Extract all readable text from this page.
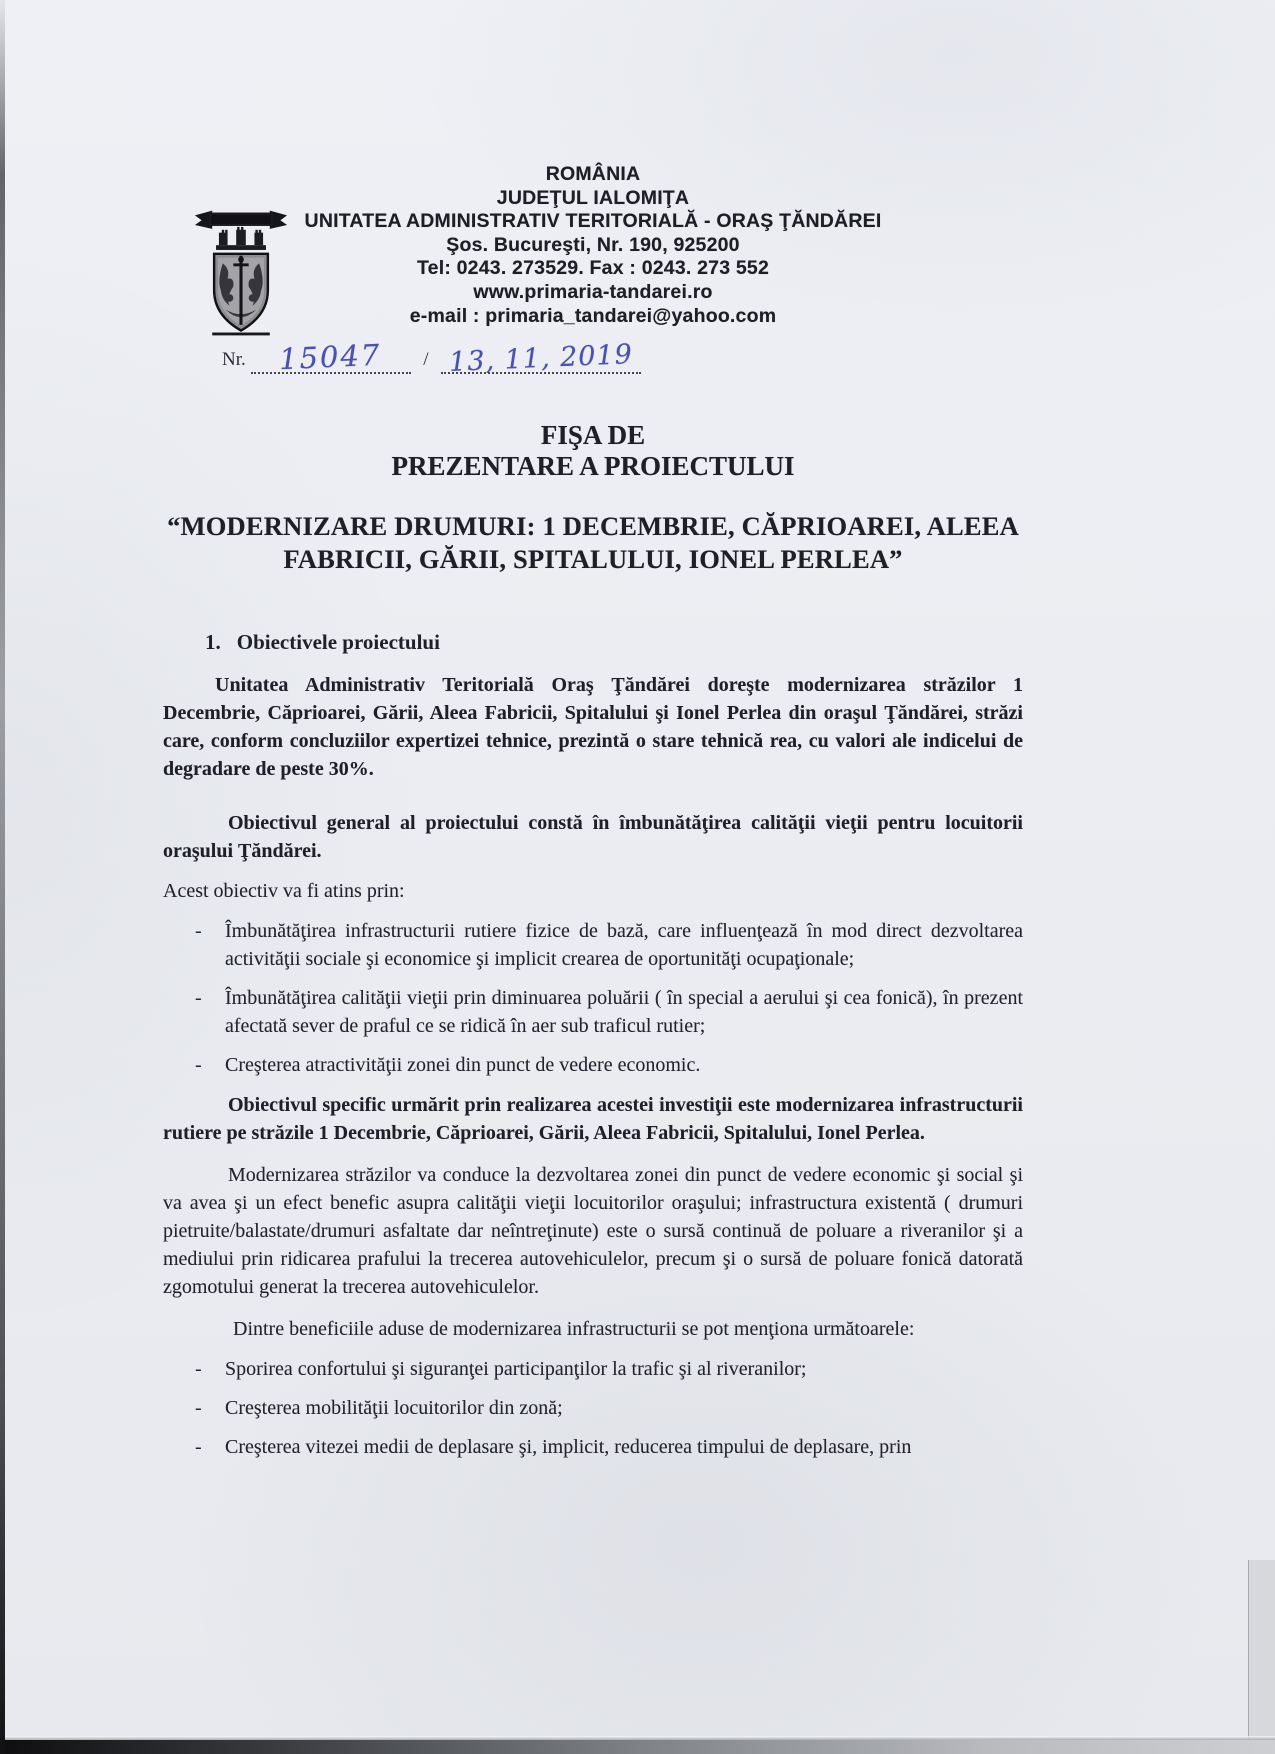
ROMÂNIA
JUDEŢUL IALOMIŢA
UNITATEA ADMINISTRATIV TERITORIALĂ - ORAŞ ŢĂNDĂREI
Şos. Bucureşti, Nr. 190, 925200
Tel: 0243. 273529. Fax : 0243. 273 552
www.primaria-tandarei.ro
e-mail : primaria_tandarei@yahoo.com
Nr. 15047 / 13, 11, 2019
FIŞA DE
PREZENTARE A PROIECTULUI
“MODERNIZARE DRUMURI: 1 DECEMBRIE, CĂPRIOAREI, ALEEA
FABRICII, GĂRII, SPITALULUI, IONEL PERLEA”
1. Obiectivele proiectului

Unitatea Administrativ Teritorială Oraş Ţăndărei doreşte modernizarea străzilor 1 Decembrie, Căprioarei, Gării, Aleea Fabricii, Spitalului şi Ionel Perlea din oraşul Ţăndărei, străzi care, conform concluziilor expertizei tehnice, prezintă o stare tehnică rea, cu valori ale indicelui de degradare de peste 30%.

Obiectivul general al proiectului constă în îmbunătăţirea calităţii vieţii pentru locuitorii oraşului Ţăndărei.

Acest obiectiv va fi atins prin:

-	Îmbunătăţirea infrastructurii rutiere fizice de bază, care influenţează în mod direct dezvoltarea activităţii sociale şi economice şi implicit crearea de oportunităţi ocupaţionale;
-	Îmbunătăţirea calităţii vieţii prin diminuarea poluării ( în special a aerului şi cea fonică), în prezent afectată sever de praful ce se ridică în aer sub traficul rutier;
-	Creşterea atractivităţii zonei din punct de vedere economic.

Obiectivul specific urmărit prin realizarea acestei investiţii este modernizarea infrastructurii rutiere pe străzile 1 Decembrie, Căprioarei, Gării, Aleea Fabricii, Spitalului, Ionel Perlea.

Modernizarea străzilor va conduce la dezvoltarea zonei din punct de vedere economic şi social şi va avea şi un efect benefic asupra calităţii vieţii locuitorilor oraşului; infrastructura existentă ( drumuri pietruite/balastate/drumuri asfaltate dar neîntreţinute) este o sursă continuă de poluare a riveranilor şi a mediului prin ridicarea prafului la trecerea autovehiculelor, precum şi o sursă de poluare fonică datorată zgomotului generat la trecerea autovehiculelor.

Dintre beneficiile aduse de modernizarea infrastructurii se pot menţiona următoarele:

-	Sporirea confortului şi siguranţei participanţilor la trafic şi al riveranilor;
-	Creşterea mobilităţii locuitorilor din zonă;
-	Creşterea vitezei medii de deplasare şi, implicit, reducerea timpului de deplasare, prin
